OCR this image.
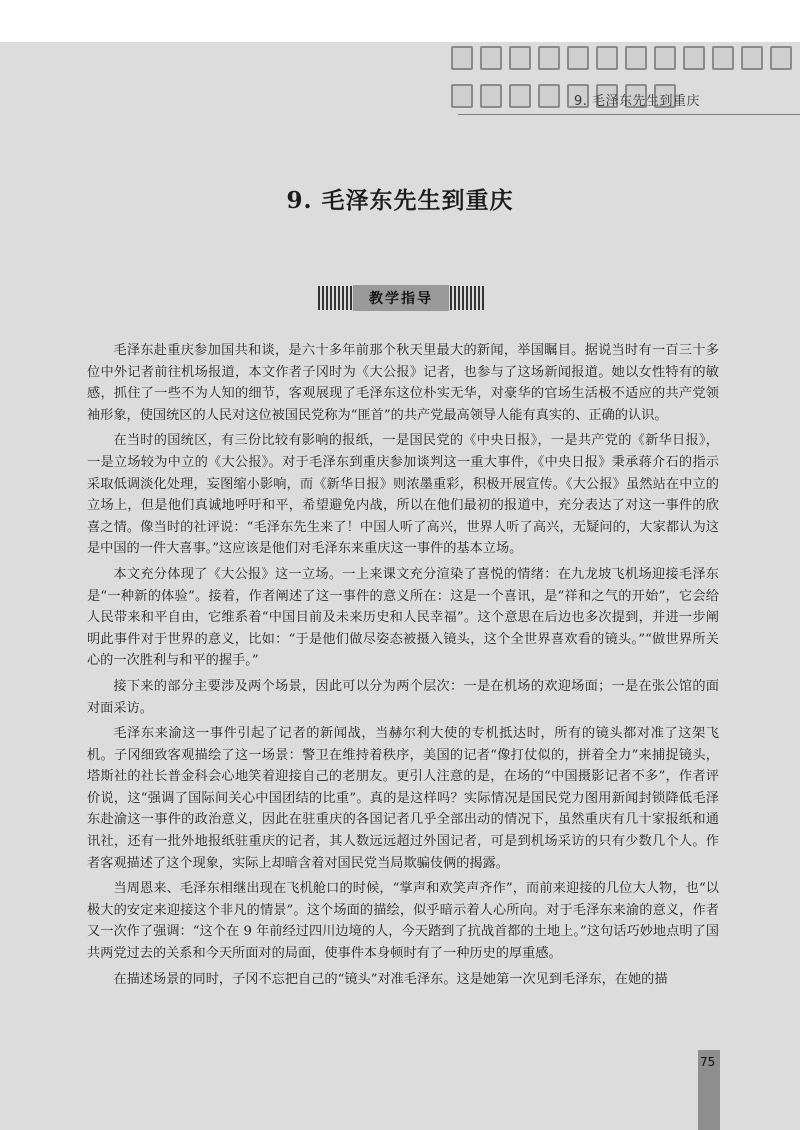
9. 毛泽东先生到重庆
9. 毛泽东先生到重庆
教学指导

毛泽东赴重庆参加国共和谈，是六十多年前那个秋天里最大的新闻，举国瞩目。据说当时有一百三十多位中外记者前往机场报道，本文作者子冈时为《大公报》记者，也参与了这场新闻报道。她以女性特有的敏感，抓住了一些不为人知的细节，客观展现了毛泽东这位朴实无华，对豪华的官场生活极不适应的共产党领袖形象，使国统区的人民对这位被国民党称为“匪首”的共产党最高领导人能有真实的、正确的认识。

在当时的国统区，有三份比较有影响的报纸，一是国民党的《中央日报》，一是共产党的《新华日报》，一是立场较为中立的《大公报》。对于毛泽东到重庆参加谈判这一重大事件，《中央日报》秉承蒋介石的指示采取低调淡化处理，妄图缩小影响，而《新华日报》则浓墨重彩，积极开展宣传。《大公报》虽然站在中立的立场上，但是他们真诚地呼吁和平，希望避免内战，所以在他们最初的报道中，充分表达了对这一事件的欣喜之情。像当时的社评说：“毛泽东先生来了！中国人听了高兴，世界人听了高兴，无疑问的，大家都认为这是中国的一件大喜事。”这应该是他们对毛泽东来重庆这一事件的基本立场。

本文充分体现了《大公报》这一立场。一上来课文充分渲染了喜悦的情绪：在九龙坡飞机场迎接毛泽东是“一种新的体验”。接着，作者阐述了这一事件的意义所在：这是一个喜讯，是“祥和之气的开始”，它会给人民带来和平自由，它维系着“中国目前及未来历史和人民幸福”。这个意思在后边也多次提到，并进一步阐明此事件对于世界的意义，比如：“于是他们做尽姿态被摄入镜头，这个全世界喜欢看的镜头。”“做世界所关心的一次胜利与和平的握手。”

接下来的部分主要涉及两个场景，因此可以分为两个层次：一是在机场的欢迎场面；一是在张公馆的面对面采访。

毛泽东来渝这一事件引起了记者的新闻战，当赫尔利大使的专机抵达时，所有的镜头都对准了这架飞机。子冈细致客观描绘了这一场景：警卫在维持着秩序，美国的记者“像打仗似的，拼着全力”来捕捉镜头，塔斯社的社长普金科会心地笑着迎接自己的老朋友。更引人注意的是，在场的“中国摄影记者不多”，作者评价说，这“强调了国际间关心中国团结的比重”。真的是这样吗？实际情况是国民党力图用新闻封锁降低毛泽东赴渝这一事件的政治意义，因此在驻重庆的各国记者几乎全部出动的情况下，虽然重庆有几十家报纸和通讯社，还有一批外地报纸驻重庆的记者，其人数远远超过外国记者，可是到机场采访的只有少数几个人。作者客观描述了这个现象，实际上却暗含着对国民党当局欺骗伎俩的揭露。

当周恩来、毛泽东相继出现在飞机舱口的时候，“掌声和欢笑声齐作”，而前来迎接的几位大人物，也“以极大的安定来迎接这个非凡的情景”。这个场面的描绘，似乎暗示着人心所向。对于毛泽东来渝的意义，作者又一次作了强调：“这个在 9 年前经过四川边境的人，今天踏到了抗战首都的土地上。”这句话巧妙地点明了国共两党过去的关系和今天所面对的局面，使事件本身顿时有了一种历史的厚重感。

在描述场景的同时，子冈不忘把自己的“镜头”对准毛泽东。这是她第一次见到毛泽东，在她的描

75
